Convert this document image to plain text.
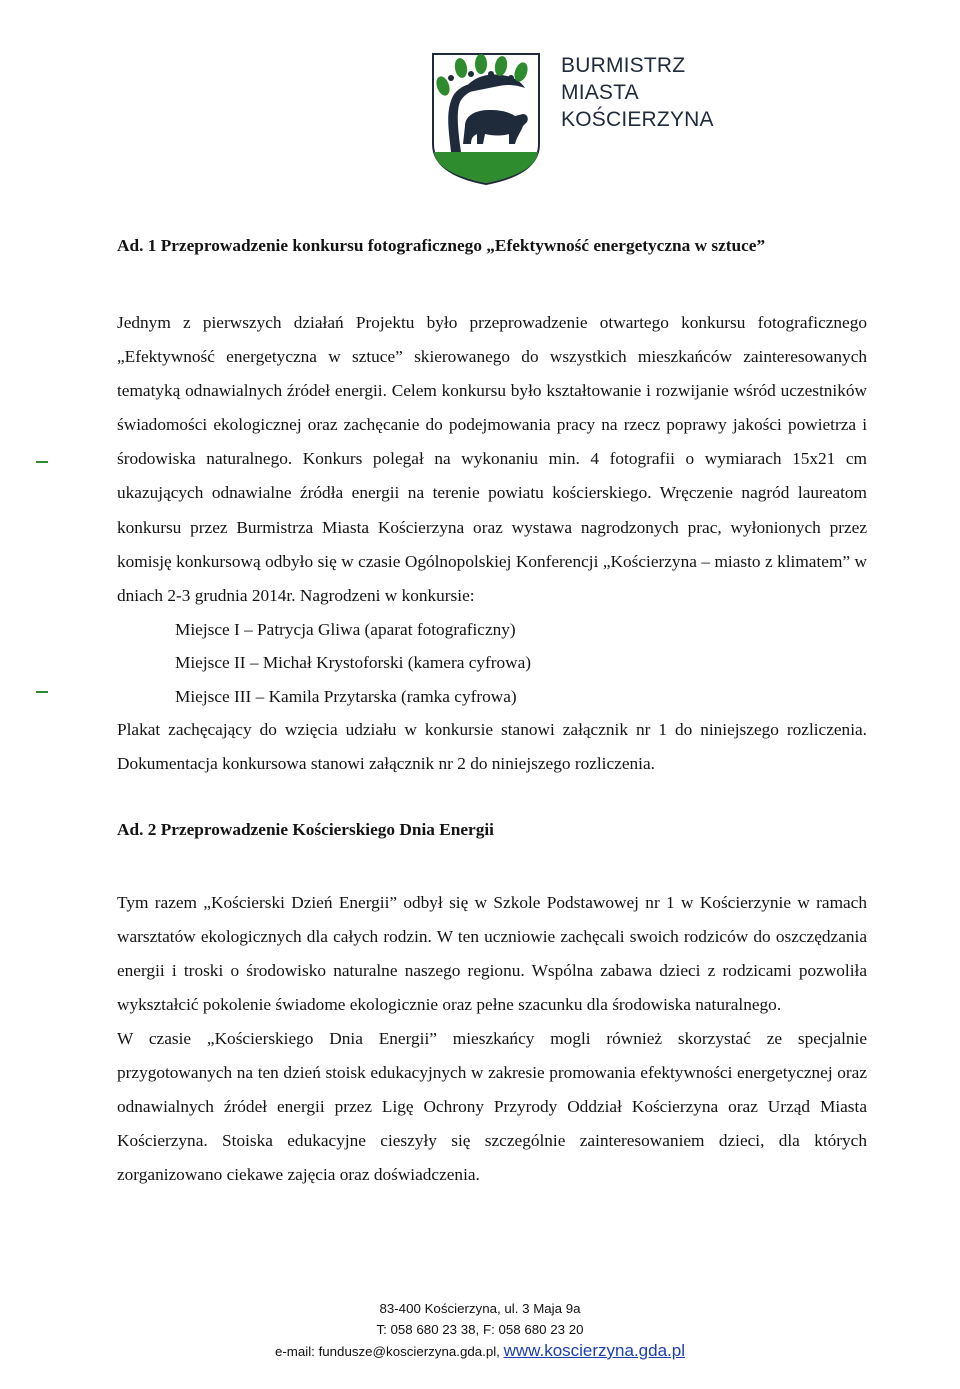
BURMISTRZ
MIASTA
KOŚCIERZYNA
Ad. 1 Przeprowadzenie konkursu fotograficznego „Efektywność energetyczna w sztuce”

Jednym z pierwszych działań Projektu było przeprowadzenie otwartego konkursu fotograficznego „Efektywność energetyczna w sztuce” skierowanego do wszystkich mieszkańców zainteresowanych tematyką odnawialnych źródeł energii. Celem konkursu było kształtowanie i rozwijanie wśród uczestników świadomości ekologicznej oraz zachęcanie do podejmowania pracy na rzecz poprawy jakości powietrza i środowiska naturalnego. Konkurs polegał na wykonaniu min. 4 fotografii o wymiarach 15x21 cm ukazujących odnawialne źródła energii na terenie powiatu kościerskiego. Wręczenie nagród laureatom konkursu przez Burmistrza Miasta Kościerzyna oraz wystawa nagrodzonych prac, wyłonionych przez komisję konkursową odbyło się w czasie Ogólnopolskiej Konferencji „Kościerzyna – miasto z klimatem” w dniach 2-3 grudnia 2014r. Nagrodzeni w konkursie:

Miejsce I – Patrycja Gliwa (aparat fotograficzny)
Miejsce II – Michał Krystoforski (kamera cyfrowa)
Miejsce III – Kamila Przytarska (ramka cyfrowa)

Plakat zachęcający do wzięcia udziału w konkursie stanowi załącznik nr 1 do niniejszego rozliczenia. Dokumentacja konkursowa stanowi załącznik nr 2 do niniejszego rozliczenia.

Ad. 2 Przeprowadzenie Kościerskiego Dnia Energii

Tym razem „Kościerski Dzień Energii” odbył się w Szkole Podstawowej nr 1 w Kościerzynie w ramach warsztatów ekologicznych dla całych rodzin. W ten uczniowie zachęcali swoich rodziców do oszczędzania energii i troski o środowisko naturalne naszego regionu. Wspólna zabawa dzieci z rodzicami pozwoliła wykształcić pokolenie świadome ekologicznie oraz pełne szacunku dla środowiska naturalnego.

W czasie „Kościerskiego Dnia Energii” mieszkańcy mogli również skorzystać ze specjalnie przygotowanych na ten dzień stoisk edukacyjnych w zakresie promowania efektywności energetycznej oraz odnawialnych źródeł energii przez Ligę Ochrony Przyrody Oddział Kościerzyna oraz Urząd Miasta Kościerzyna. Stoiska edukacyjne cieszyły się szczególnie zainteresowaniem dzieci, dla których zorganizowano ciekawe zajęcia oraz doświadczenia.

83-400 Kościerzyna, ul. 3 Maja 9a
T: 058 680 23 38, F: 058 680 23 20
e-mail: fundusze@koscierzyna.gda.pl, www.koscierzyna.gda.pl
